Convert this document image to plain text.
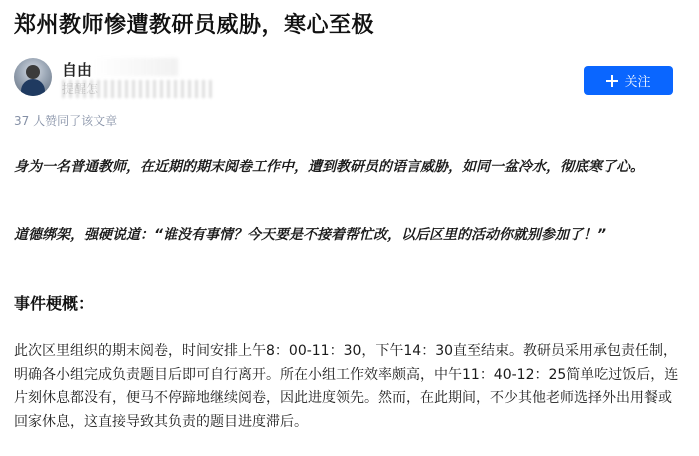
郑州教师惨遭教研员威胁，寒心至极
自由
关注
37 人赞同了该文章
身为一名普通教师，在近期的期末阅卷工作中，遭到教研员的语言威胁，如同一盆冷水，彻底寒了心。
道德绑架，强硬说道：“谁没有事情？今天要是不接着帮忙改，以后区里的活动你就别参加了！”
事件梗概：
此次区里组织的期末阅卷，时间安排上午8：00-11：30，下午14：30直至结束。教研员采用承包责任制，明确各小组完成负责题目后即可自行离开。所在小组工作效率颇高，中午11：40-12：25简单吃过饭后，连片刻休息都没有，便马不停蹄地继续阅卷，因此进度领先。然而，在此期间，不少其他老师选择外出用餐或回家休息，这直接导致其负责的题目进度滞后。
